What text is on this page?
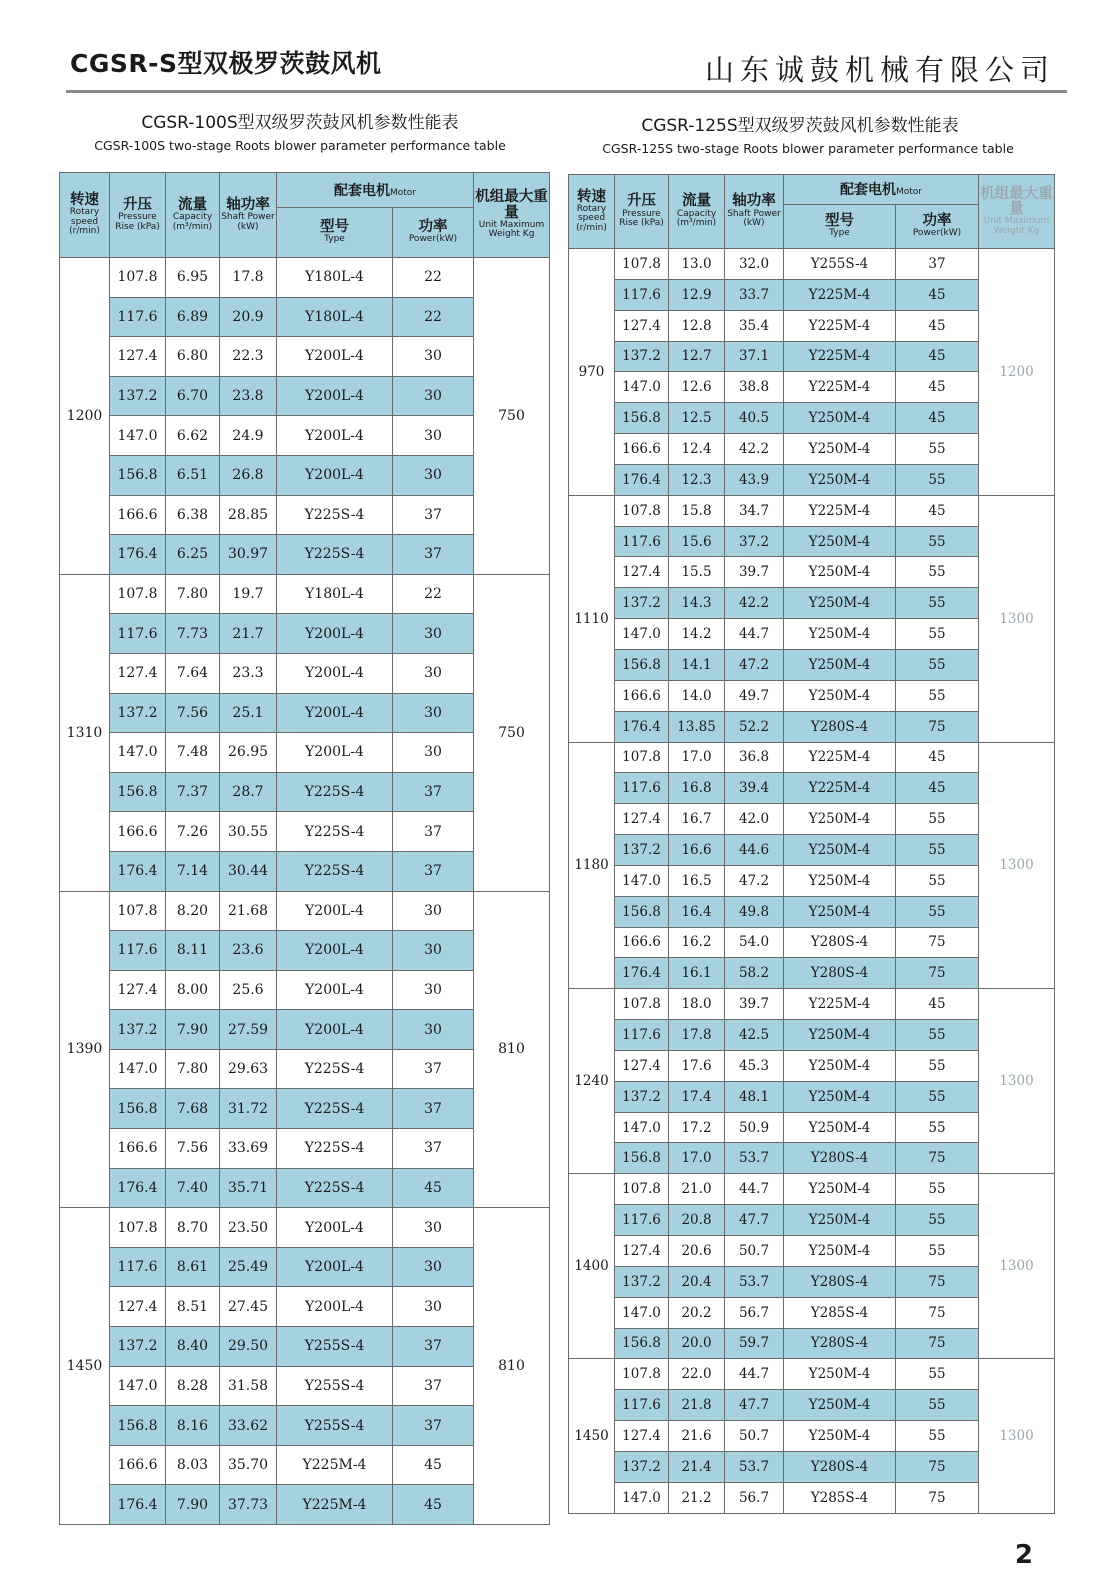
CGSR-S型双极罗茨鼓风机	山东诚鼓机械有限公司
CGSR-100S型双级罗茨鼓风机参数性能表
CGSR-100S two-stage Roots blower parameter performance table
CGSR-125S型双级罗茨鼓风机参数性能表
CGSR-125S two-stage Roots blower parameter performance table
转速
Rotary speed (r/min)	升压
Pressure Rise (kPa)	流量
Capacity (m³/min)	轴功率
Shaft Power (kW)	配套电机Motor		机组最大重量
Unit Maximum Weight Kg

				型号
Type	功率
Power(kW)	

1200	107.8	6.95	17.8	Y180L-4	22	750
	117.6	6.89	20.9	Y180L-4	22	
	127.4	6.80	22.3	Y200L-4	30	
	137.2	6.70	23.8	Y200L-4	30	
	147.0	6.62	24.9	Y200L-4	30	
	156.8	6.51	26.8	Y200L-4	30	
	166.6	6.38	28.85	Y225S-4	37	
	176.4	6.25	30.97	Y225S-4	37	
1310	107.8	7.80	19.7	Y180L-4	22	750
	117.6	7.73	21.7	Y200L-4	30	
	127.4	7.64	23.3	Y200L-4	30	
	137.2	7.56	25.1	Y200L-4	30	
	147.0	7.48	26.95	Y200L-4	30	
	156.8	7.37	28.7	Y225S-4	37	
	166.6	7.26	30.55	Y225S-4	37	
	176.4	7.14	30.44	Y225S-4	37	
1390	107.8	8.20	21.68	Y200L-4	30	810
	117.6	8.11	23.6	Y200L-4	30	
	127.4	8.00	25.6	Y200L-4	30	
	137.2	7.90	27.59	Y200L-4	30	
	147.0	7.80	29.63	Y225S-4	37	
	156.8	7.68	31.72	Y225S-4	37	
	166.6	7.56	33.69	Y225S-4	37	
	176.4	7.40	35.71	Y225S-4	45	
1450	107.8	8.70	23.50	Y200L-4	30	810
	117.6	8.61	25.49	Y200L-4	30	
	127.4	8.51	27.45	Y200L-4	30	
	137.2	8.40	29.50	Y255S-4	37	
	147.0	8.28	31.58	Y255S-4	37	
	156.8	8.16	33.62	Y255S-4	37	
	166.6	8.03	35.70	Y225M-4	45	
	176.4	7.90	37.73	Y225M-4	45	
转速
Rotary speed (r/min)	升压
Pressure Rise (kPa)	流量
Capacity (m³/min)	轴功率
Shaft Power (kW)	配套电机Motor		机组最大重量
Unit Maximum Weight Kg

				型号
Type	功率
Power(kW)	

970	107.8	13.0	32.0	Y255S-4	37	1200
	117.6	12.9	33.7	Y225M-4	45	
	127.4	12.8	35.4	Y225M-4	45	
	137.2	12.7	37.1	Y225M-4	45	
	147.0	12.6	38.8	Y225M-4	45	
	156.8	12.5	40.5	Y250M-4	45	
	166.6	12.4	42.2	Y250M-4	55	
	176.4	12.3	43.9	Y250M-4	55	
1110	107.8	15.8	34.7	Y225M-4	45	1300
	117.6	15.6	37.2	Y250M-4	55	
	127.4	15.5	39.7	Y250M-4	55	
	137.2	14.3	42.2	Y250M-4	55	
	147.0	14.2	44.7	Y250M-4	55	
	156.8	14.1	47.2	Y250M-4	55	
	166.6	14.0	49.7	Y250M-4	55	
	176.4	13.85	52.2	Y280S-4	75	
1180	107.8	17.0	36.8	Y225M-4	45	1300
	117.6	16.8	39.4	Y225M-4	45	
	127.4	16.7	42.0	Y250M-4	55	
	137.2	16.6	44.6	Y250M-4	55	
	147.0	16.5	47.2	Y250M-4	55	
	156.8	16.4	49.8	Y250M-4	55	
	166.6	16.2	54.0	Y280S-4	75	
	176.4	16.1	58.2	Y280S-4	75	
1240	107.8	18.0	39.7	Y225M-4	45	1300
	117.6	17.8	42.5	Y250M-4	55	
	127.4	17.6	45.3	Y250M-4	55	
	137.2	17.4	48.1	Y250M-4	55	
	147.0	17.2	50.9	Y250M-4	55	
	156.8	17.0	53.7	Y280S-4	75	
1400	107.8	21.0	44.7	Y250M-4	55	1300
	117.6	20.8	47.7	Y250M-4	55	
	127.4	20.6	50.7	Y250M-4	55	
	137.2	20.4	53.7	Y280S-4	75	
	147.0	20.2	56.7	Y285S-4	75	
	156.8	20.0	59.7	Y280S-4	75	
1450	107.8	22.0	44.7	Y250M-4	55	1300
	117.6	21.8	47.7	Y250M-4	55	
	127.4	21.6	50.7	Y250M-4	55	
	137.2	21.4	53.7	Y280S-4	75	
	147.0	21.2	56.7	Y285S-4	75	
2
